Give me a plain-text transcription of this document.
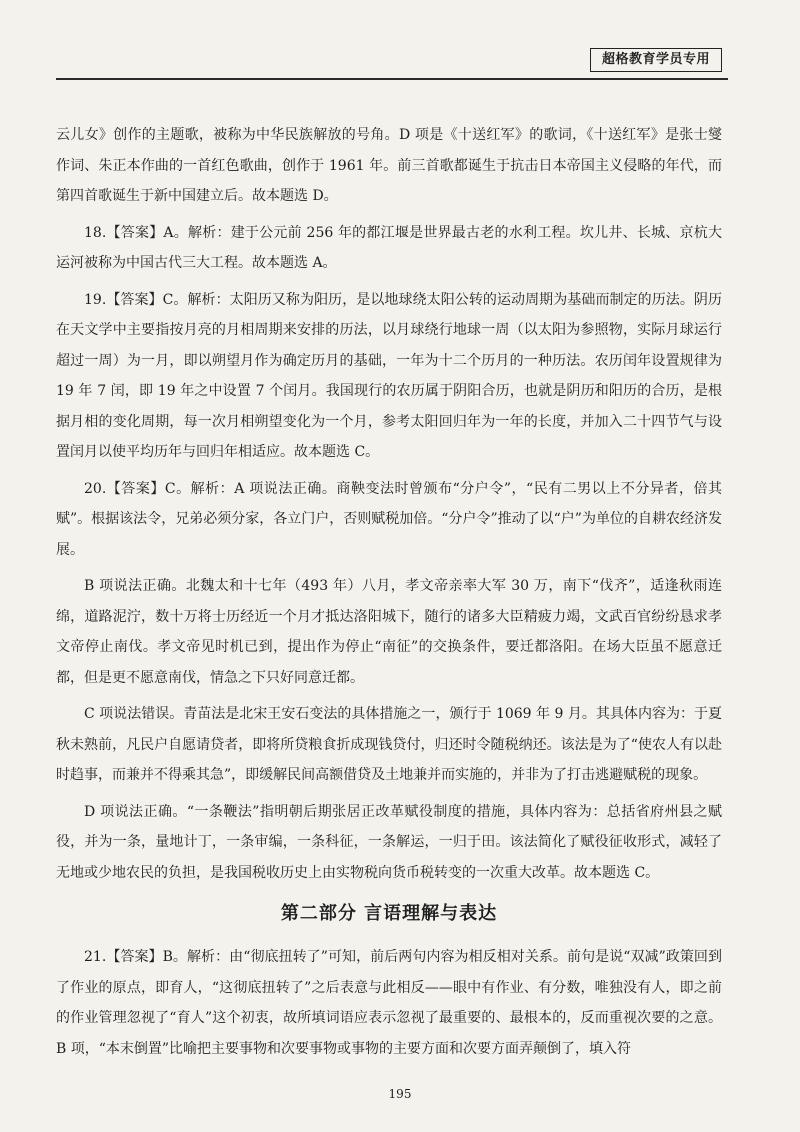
超格教育学员专用

云儿女》创作的主题歌，被称为中华民族解放的号角。D 项是《十送红军》的歌词，《十送红军》是张士燮作词、朱正本作曲的一首红色歌曲，创作于 1961 年。前三首歌都诞生于抗击日本帝国主义侵略的年代，而第四首歌诞生于新中国建立后。故本题选 D。

18.【答案】A。解析：建于公元前 256 年的都江堰是世界最古老的水利工程。坎儿井、长城、京杭大运河被称为中国古代三大工程。故本题选 A。

19.【答案】C。解析：太阳历又称为阳历，是以地球绕太阳公转的运动周期为基础而制定的历法。阴历在天文学中主要指按月亮的月相周期来安排的历法，以月球绕行地球一周（以太阳为参照物，实际月球运行超过一周）为一月，即以朔望月作为确定历月的基础，一年为十二个历月的一种历法。农历闰年设置规律为 19 年 7 闰，即 19 年之中设置 7 个闰月。我国现行的农历属于阴阳合历，也就是阴历和阳历的合历，是根据月相的变化周期，每一次月相朔望变化为一个月，参考太阳回归年为一年的长度，并加入二十四节气与设置闰月以使平均历年与回归年相适应。故本题选 C。

20.【答案】C。解析：A 项说法正确。商鞅变法时曾颁布“分户令”，“民有二男以上不分异者，倍其赋”。根据该法令，兄弟必须分家，各立门户，否则赋税加倍。“分户令”推动了以“户”为单位的自耕农经济发展。

B 项说法正确。北魏太和十七年（493 年）八月，孝文帝亲率大军 30 万，南下“伐齐”，适逢秋雨连绵，道路泥泞，数十万将士历经近一个月才抵达洛阳城下，随行的诸多大臣精疲力竭，文武百官纷纷恳求孝文帝停止南伐。孝文帝见时机已到，提出作为停止“南征”的交换条件，要迁都洛阳。在场大臣虽不愿意迁都，但是更不愿意南伐，情急之下只好同意迁都。

C 项说法错误。青苗法是北宋王安石变法的具体措施之一，颁行于 1069 年 9 月。其具体内容为：于夏秋未熟前，凡民户自愿请贷者，即将所贷粮食折成现钱贷付，归还时令随税纳还。该法是为了“使农人有以赴时趋事，而兼并不得乘其急”，即缓解民间高额借贷及土地兼并而实施的，并非为了打击逃避赋税的现象。

D 项说法正确。“一条鞭法”指明朝后期张居正改革赋役制度的措施，具体内容为：总括省府州县之赋役，并为一条，量地计丁，一条审编，一条科征，一条解运，一归于田。该法简化了赋役征收形式，减轻了无地或少地农民的负担，是我国税收历史上由实物税向货币税转变的一次重大改革。故本题选 C。

第二部分 言语理解与表达

21.【答案】B。解析：由“彻底扭转了”可知，前后两句内容为相反相对关系。前句是说“双减”政策回到了作业的原点，即育人，“这彻底扭转了”之后表意与此相反——眼中有作业、有分数，唯独没有人，即之前的作业管理忽视了“育人”这个初衷，故所填词语应表示忽视了最重要的、最根本的，反而重视次要的之意。B 项，“本末倒置”比喻把主要事物和次要事物或事物的主要方面和次要方面弄颠倒了，填入符

195
